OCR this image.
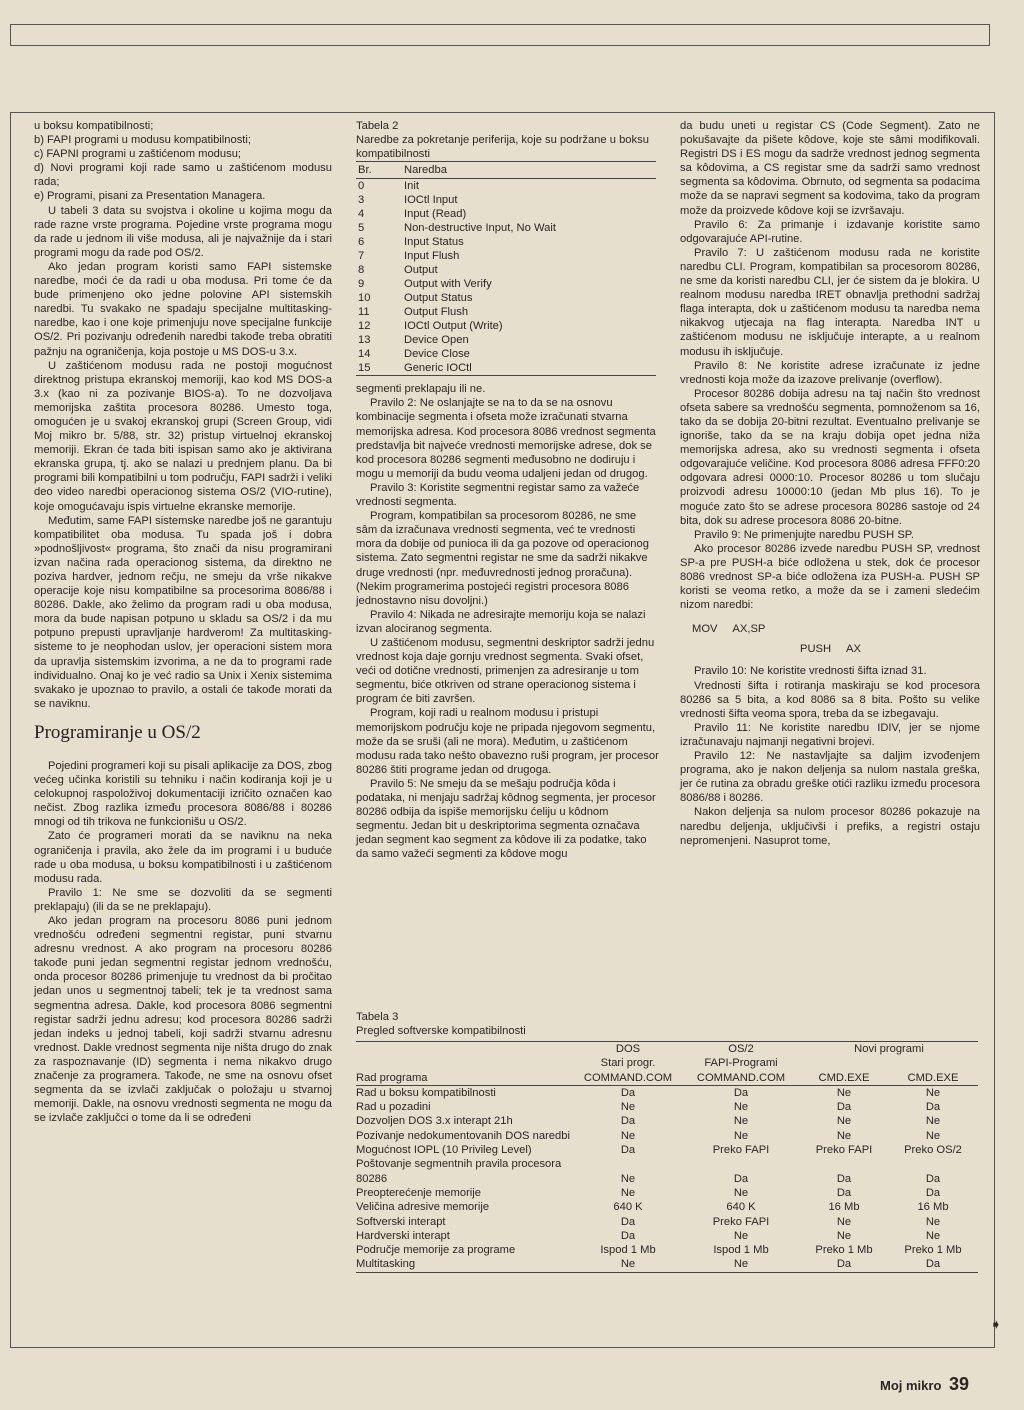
u boksu kompatibilnosti;

b) FAPI programi u modusu kompatibilnosti;

c) FAPNI programi u zaštićenom modusu;

d) Novi programi koji rade samo u zaštićenom modusu rada;

e) Programi, pisani za Presentation Managera.

U tabeli 3 data su svojstva i okoline u kojima mogu da rade razne vrste programa. Pojedine vrste programa mogu da rade u jednom ili više modusa, ali je najvažnije da i stari programi mogu da rade pod OS/2.

Ako jedan program koristi samo FAPI sistemske naredbe, moći će da radi u oba modusa. Pri tome će da bude primenjeno oko jedne polovine API sistemskih naredbi. Tu svakako ne spadaju specijalne multitasking-naredbe, kao i one koje primenjuju nove specijalne funkcije OS/2. Pri pozivanju određenih naredbi takođe treba obratiti pažnju na ograničenja, koja postoje u MS DOS-u 3.x.

U zaštićenom modusu rada ne postoji mogućnost direktnog pristupa ekranskoj memoriji, kao kod MS DOS-a 3.x (kao ni za pozivanje BIOS-a). To ne dozvoljava memorijska zaštita procesora 80286. Umesto toga, omogućen je u svakoj ekranskoj grupi (Screen Group, vidi Moj mikro br. 5/88, str. 32) pristup virtuelnoj ekranskoj memoriji. Ekran će tada biti ispisan samo ako je aktivirana ekranska grupa, tj. ako se nalazi u prednjem planu. Da bi programi bili kompatibilni u tom području, FAPI sadrži i veliki deo video naredbi operacionog sistema OS/2 (VIO-rutine), koje omogućavaju ispis virtuelne ekranske memorije.

Međutim, same FAPI sistemske naredbe još ne garantuju kompatibilitet oba modusa. Tu spada još i dobra »podnošljivost« programa, što znači da nisu programirani izvan načina rada operacionog sistema, da direktno ne poziva hardver, jednom rečju, ne smeju da vrše nikakve operacije koje nisu kompatibilne sa procesorima 8086/88 i 80286. Dakle, ako želimo da program radi u oba modusa, mora da bude napisan potpuno u skladu sa OS/2 i da mu potpuno prepusti upravljanje hardverom! Za multitasking-sisteme to je neophodan uslov, jer operacioni sistem mora da upravlja sistemskim izvorima, a ne da to programi rade individualno. Onaj ko je već radio sa Unix i Xenix sistemima svakako je upoznao to pravilo, a ostali će takođe morati da se naviknu.

Programiranje u OS/2

Pojedini programeri koji su pisali aplikacije za DOS, zbog većeg učinka koristili su tehniku i način kodiranja koji je u celokupnoj raspoloživoj dokumentaciji izričito označen kao nečist. Zbog razlika između procesora 8086/88 i 80286 mnogi od tih trikova ne funkcionišu u OS/2.

Zato će programeri morati da se naviknu na neka ograničenja i pravila, ako žele da im programi i u buduće rade u oba modusa, u boksu kompatibilnosti i u zaštićenom modusu rada.

Pravilo 1: Ne sme se dozvoliti da se segmenti preklapaju) (ili da se ne preklapaju).

Ako jedan program na procesoru 8086 puni jednom vrednošću određeni segmentni registar, puni stvarnu adresnu vrednost. A ako program na procesoru 80286 takođe puni jedan segmentni registar jednom vrednošću, onda procesor 80286 primenjuje tu vrednost da bi pročitao jedan unos u segmentnoj tabeli; tek je ta vrednost sama segmentna adresa. Dakle, kod procesora 8086 segmentni registar sadrži jednu adresu; kod procesora 80286 sadrži jedan indeks u jednoj tabeli, koji sadrži stvarnu adresnu vrednost. Dakle vrednost segmenta nije ništa drugo do znak za raspoznavanje (ID) segmenta i nema nikakvo drugo značenje za programera. Takođe, ne sme na osnovu ofset segmenta da se izvlači zaključak o položaju u stvarnoj memoriji. Dakle, na osnovu vrednosti segmenta ne mogu da se izvlače zaključci o tome da li se određeni

Tabela 2

Naredbe za pokretanje periferija, koje su podržane u boksu kompatibilnosti

Br.	Naredba
0	Init
3	IOCtl Input
4	Input (Read)
5	Non-destructive Input, No Wait
6	Input Status
7	Input Flush
8	Output
9	Output with Verify
10	Output Status
11	Output Flush
12	IOCtl Output (Write)
13	Device Open
14	Device Close
15	Generic IOCtl

segmenti preklapaju ili ne.

Pravilo 2: Ne oslanjajte se na to da se na osnovu kombinacije segmenta i ofseta može izračunati stvarna memorijska adresa. Kod procesora 8086 vrednost segmenta predstavlja bit najveće vrednosti memorijske adrese, dok se kod procesora 80286 segmenti međusobno ne dodiruju i mogu u memoriji da budu veoma udaljeni jedan od drugog.

Pravilo 3: Koristite segmentni registar samo za važeće vrednosti segmenta.

Program, kompatibilan sa procesorom 80286, ne sme sâm da izračunava vrednosti segmenta, već te vrednosti mora da dobije od punioca ili da ga pozove od operacionog sistema. Zato segmentni registar ne sme da sadrži nikakve druge vrednosti (npr. međuvrednosti jednog proračuna). (Nekim programerima postojeći registri procesora 8086 jednostavno nisu dovoljni.)

Pravilo 4: Nikada ne adresirajte memoriju koja se nalazi izvan alociranog segmenta.

U zaštićenom modusu, segmentni deskriptor sadrži jednu vrednost koja daje gornju vrednost segmenta. Svaki ofset, veći od dotične vrednosti, primenjen za adresiranje u tom segmentu, biće otkriven od strane operacionog sistema i program će biti završen.

Program, koji radi u realnom modusu i pristupi memorijskom području koje ne pripada njegovom segmentu, može da se sruši (ali ne mora). Međutim, u zaštićenom modusu rada tako nešto obavezno ruši program, jer procesor 80286 štiti programe jedan od drugoga.

Pravilo 5: Ne smeju da se mešaju područja kôda i podataka, ni menjaju sadržaj kôdnog segmenta, jer procesor 80286 odbija da ispiše memorijsku ćeliju u kôdnom segmentu. Jedan bit u deskriptorima segmenta označava jedan segment kao segment za kôdove ili za podatke, tako da samo važeći segmenti za kôdove mogu

da budu uneti u registar CS (Code Segment). Zato ne pokušavajte da pišete kôdove, koje ste sâmi modifikovali. Registri DS i ES mogu da sadrže vrednost jednog segmenta sa kôdovima, a CS registar sme da sadrži samo vrednost segmenta sa kôdovima. Obrnuto, od segmenta sa podacima može da se napravi segment sa kodovima, tako da program može da proizvede kôdove koji se izvršavaju.

Pravilo 6: Za primanje i izdavanje koristite samo odgovarajuće API-rutine.

Pravilo 7: U zaštićenom modusu rada ne koristite naredbu CLI. Program, kompatibilan sa procesorom 80286, ne sme da koristi naredbu CLI, jer će sistem da je blokira. U realnom modusu naredba IRET obnavlja prethodni sadržaj flaga interapta, dok u zaštićenom modusu ta naredba nema nikakvog utjecaja na flag interapta. Naredba INT u zaštićenom modusu ne isključuje interapte, a u realnom modusu ih isključuje.

Pravilo 8: Ne koristite adrese izračunate iz jedne vrednosti koja može da izazove prelivanje (overflow).

Procesor 80286 dobija adresu na taj način što vrednost ofseta sabere sa vrednošću segmenta, pomnoženom sa 16, tako da se dobija 20-bitni rezultat. Eventualno prelivanje se ignoriše, tako da se na kraju dobija opet jedna niža memorijska adresa, ako su vrednosti segmenta i ofseta odgovarajuće veličine. Kod procesora 8086 adresa FFF0:20 odgovara adresi 0000:10. Procesor 80286 u tom slučaju proizvodi adresu 10000:10 (jedan Mb plus 16). To je moguće zato što se adrese procesora 80286 sastoje od 24 bita, dok su adrese procesora 8086 20-bitne.

Pravilo 9: Ne primenjujte naredbu PUSH SP.

Ako procesor 80286 izvede naredbu PUSH SP, vrednost SP-a pre PUSH-a biće odložena u stek, dok će procesor 8086 vrednost SP-a biće odložena iza PUSH-a. PUSH SP koristi se veoma retko, a može da se i zameni sledećim nizom naredbi:

MOV     AX,SP
PUSH     AX

Pravilo 10: Ne koristite vrednosti šifta iznad 31.

Vrednosti šifta i rotiranja maskiraju se kod procesora 80286 sa 5 bita, a kod 8086 sa 8 bita. Pošto su velike vrednosti šifta veoma spora, treba da se izbegavaju.

Pravilo 11: Ne koristite naredbu IDIV, jer se njome izračunavaju najmanji negativni brojevi.

Pravilo 12: Ne nastavljajte sa daljim izvođenjem programa, ako je nakon deljenja sa nulom nastala greška, jer će rutina za obradu greške otići razliku između procesora 8086/88 i 80286.

Nakon deljenja sa nulom procesor 80286 pokazuje na naredbu deljenja, uključivši i prefiks, a registri ostaju nepromenjeni. Nasuprot tome,

Tabela 3
Pregled softverske kompatibilnosti
	DOS	OS/2	Novi programi	
	Stari progr.	FAPI-Programi		
Rad programa	COMMAND.COM	COMMAND.COM	CMD.EXE	CMD.EXE
Rad u boksu kompatibilnosti	Da	Da	Ne	Ne
Rad u pozadini	Ne	Ne	Da	Da
Dozvoljen DOS 3.x interapt 21h	Da	Ne	Ne	Ne
Pozivanje nedokumentovanih DOS naredbi	Ne	Ne	Ne	Ne
Mogućnost IOPL (10 Privileg Level)	Da	Preko FAPI	Preko FAPI	Preko OS/2
Poštovanje segmentnih pravila procesora 80286	Ne	Da	Da	Da
Preopterećenje memorije	Ne	Ne	Da	Da
Veličina adresive memorije	640 K	640 K	16 Mb	16 Mb
Softverski interapt	Da	Preko FAPI	Ne	Ne
Hardverski interapt	Da	Ne	Ne	Ne
Područje memorije za programe	Ispod 1 Mb	Ispod 1 Mb	Preko 1 Mb	Preko 1 Mb
Multitasking	Ne	Ne	Da	Da
➧
Moj mikro 39
